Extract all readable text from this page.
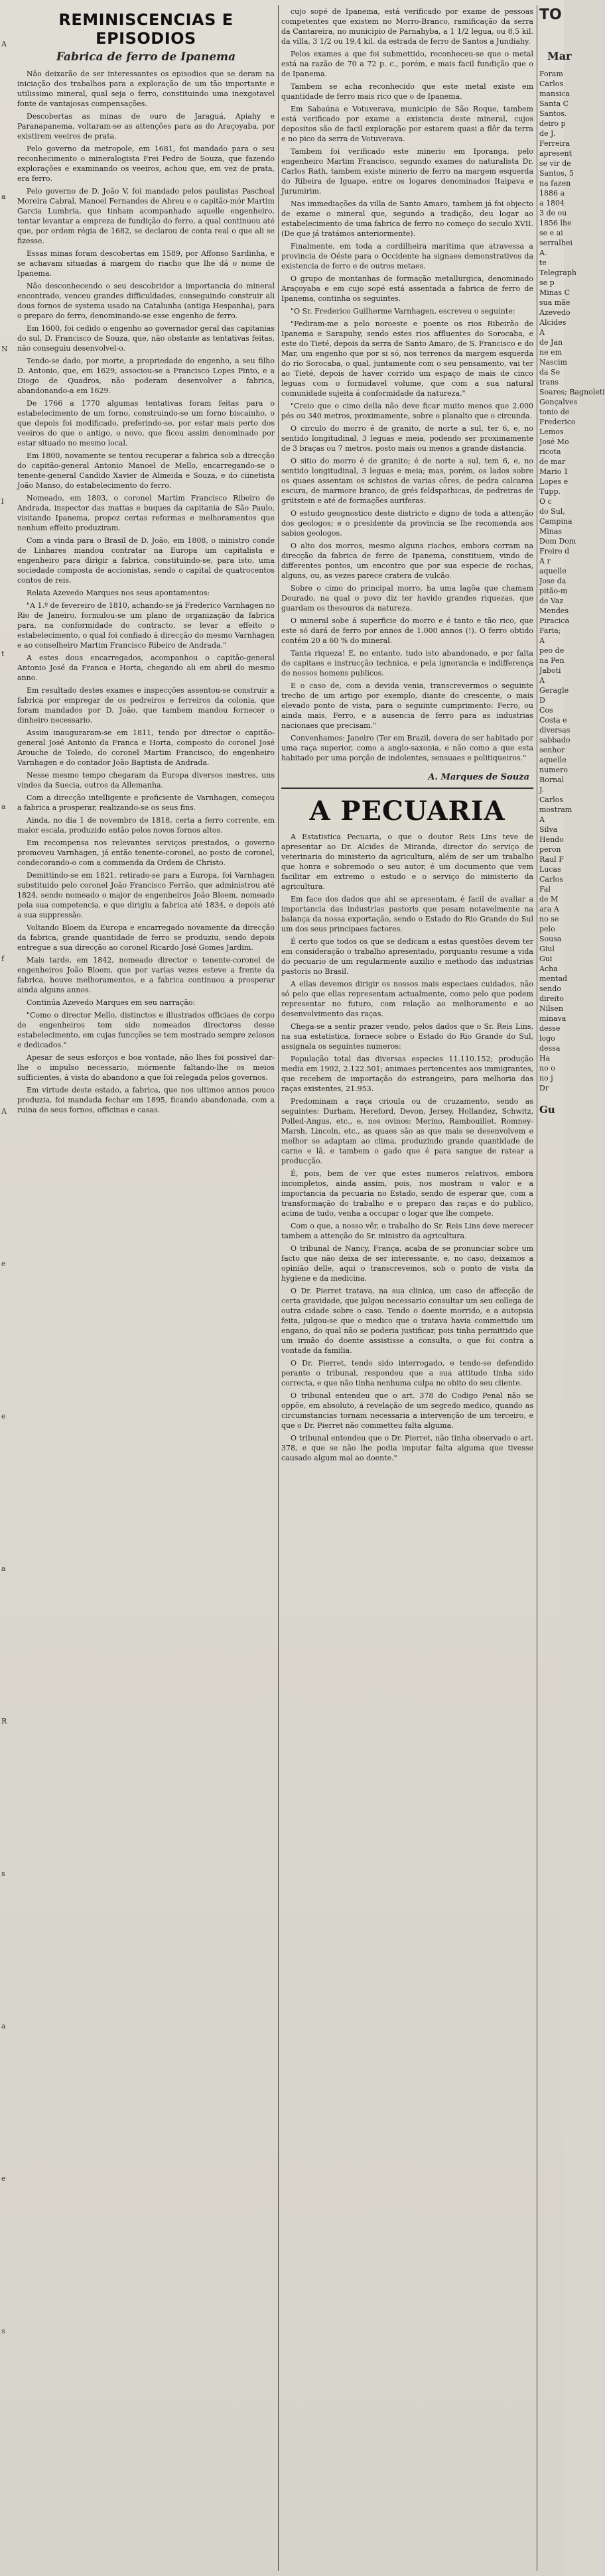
A
a
N
l
t
a
f
A
e
e
a
R
s
a
e
s
REMINISCENCIAS E EPISODIOS
Fabrica de ferro de Ipanema

Não deixarão de ser interessantes os episodios que se deram na iniciação dos trabalhos para a exploração de um tão importante e utilissimo mineral, qual seja o ferro, constituindo uma inexgotavel fonte de vantajosas compensações.

Descobertas as minas de ouro de Jaraguá, Apiahy e Paranapanema, voltaram-se as attenções para as do Araçoyaba, por existirem veeiros de prata.

Pelo governo da metropole, em 1681, foi mandado para o seu reconhecimento o mineralogista Frei Pedro de Souza, que fazendo explorações e examinando os veeiros, achou que, em vez de prata, era ferro.

Pelo governo de D. João V, foi mandado pelos paulistas Paschoal Moreira Cabral, Manoel Fernandes de Abreu e o capitão-mór Martim Garcia Lumbria, que tinham acompanhado aquelle engenheiro, tentar levantar a empreza de fundição do ferro, a qual continuou até que, por ordem régia de 1682, se declarou de conta real o que ali se fizesse.

Essas minas foram descobertas em 1589, por Affonso Sardinha, e se achavam situadas á margem do riacho que lhe dá o nome de Ipanema.

Não desconhecendo o seu descobridor a importancia do mineral encontrado, venceu grandes difficuldades, conseguindo construir ali dous fornos de systema usado na Catalunha (antiga Hespanha), para o preparo do ferro, denominando-se esse engenho de ferro.

Em 1600, foi cedido o engenho ao governador geral das capitanias do sul, D. Francisco de Souza, que, não obstante as tentativas feitas, não conseguiu desenvolvel-o.

Tendo-se dado, por morte, a propriedade do engenho, a seu filho D. Antonio, que, em 1629, associou-se a Francisco Lopes Pinto, e a Diogo de Quadros, não poderam desenvolver a fabrica, abandonando-a em 1629.

De 1766 a 1770 algumas tentativas foram feitas para o estabelecimento de um forno, construindo-se um forno biscainho, o que depois foi modificado, preferindo-se, por estar mais perto dos veeiros do que o antigo, o novo, que ficou assim denominado por estar situado no mesmo local.

Em 1800, novamente se tentou recuperar a fabrica sob a direcção do capitão-general Antonio Manoel de Mello, encarregando-se o tenente-general Candido Xavier de Almeida e Souza, e do ciinetista João Manso, do estabelecimento do ferro.

Nomeado, em 1803, o coronel Martim Francisco Ribeiro de Andrada, inspector das mattas e buques da capitania de São Paulo, visitando Ipanema, propoz certas reformas e melhoramentos que nenhum effeito produziram.

Com a vinda para o Brasil de D. João, em 1808, o ministro conde de Linhares mandou contratar na Europa um capitalista e engenheiro para dirigir a fabrica, constituindo-se, para isto, uma sociedade composta de accionistas, sendo o capital de quatrocentos contos de reis.

Relata Azevedo Marques nos seus apontamentos:

"A 1.º de fevereiro de 1810, achando-se já Frederico Varnhagen no Rio de Janeiro, formulou-se um plano de organização da fabrica para, na conformidade do contracto, se levar a effeito o estabelecimento, o qual foi confiado á direcção do mesmo Varnhagen e ao conselheiro Martim Francisco Ribeiro de Andrada."

A estes dous encarregados, acompanhou o capitão-general Antonio José da Franca e Horta, chegando ali em abril do mesmo anno.

Em resultado destes exames e inspecções assentou-se construir a fabrica por empregar de os pedreiros e ferreiros da colonia, que foram mandados por D. João, que tambem mandou fornecer o dinheiro necessario.

Assim inauguraram-se em 1811, tendo por director o capitão-general José Antonio da Franca e Horta, composto do coronel José Arouche de Toledo, do coronel Martim Francisco, do engenheiro Varnhagen e do contador João Baptista de Andrada.

Nesse mesmo tempo chegaram da Europa diversos mestres, uns vindos da Suecia, outros da Allemanha.

Com a direcção intelligente e proficiente de Varnhagen, começou a fabrica a prosperar, realizando-se os seus fins.

Ainda, no dia 1 de novembro de 1818, certa a ferro corrente, em maior escala, produzido então pelos novos fornos altos.

Em recompensa nos relevantes serviços prestados, o governo promoveu Varnhagen, já então tenente-coronel, ao posto de coronel, condecorando-o com a commenda da Ordem de Christo.

Demittindo-se em 1821, retirado-se para a Europa, foi Varnhagen substituido pelo coronel João Francisco Ferrão, que administrou até 1824, sendo nomeado o major de engenheiros João Bloem, nomeado pela sua competencia, e que dirigiu a fabrica até 1834, e depois até a sua suppressão.

Voltando Bloem da Europa e encarregado novamente da direcção da fabrica, grande quantidade de ferro se produziu, sendo depois entregue a sua direcção ao coronel Ricardo José Gomes Jardim.

Mais tarde, em 1842, nomeado director o tenente-coronel de engenheiros João Bloem, que por varias vezes esteve a frente da fabrica, houve melhoramentos, e a fabrica continuou a prosperar ainda alguns annos.

Continúa Azevedo Marques em seu narração:

"Como o director Mello, distinctos e illustrados officiaes de corpo de engenheiros tem sido nomeados directores desse estabelecimento, em cujas funcções se tem mostrado sempre zelosos e dedicados."

Apesar de seus esforços e boa vontade, não lhes foi possivel dar-lhe o impulso necessario, mórmente faltando-lhe os meios sufficientes, á vista do abandono a que foi relegada pelos governos.

Em virtude deste estado, a fabrica, que nos ultimos annos pouco produzia, foi mandada fechar em 1895, ficando abandonada, com a ruina de seus fornos, officinas e casas.

cujo sopé de Ipanema, está verificado por exame de pessoas competentes que existem no Morro-Branco, ramificação da serra da Cantareira, no municipio de Parnahyba, a 1 1/2 legua, ou 8,5 kil. da villa, 3 1/2 ou 19,4 kil. da estrada de ferro de Santos a Jundiahy.

Pelos exames a que foi submettido, reconheceu-se que o metal está na razão de 70 a 72 p. c., porém, e mais facil fundição que o de Ipanema.

Tambem se acha reconhecido que este metal existe em quantidade de ferro mais rico que o de Ipanema.

Em Sabaúna e Votuverava, municipio de São Roque, tambem está verificado por exame a existencia deste mineral, cujos depositos são de facil exploração por estarem quasi a flôr da terra e no pico da serra de Votuverava.

Tambem foi verificado este minerio em Iporanga, pelo engenheiro Martim Francisco, segundo exames do naturalista Dr. Carlos Rath, tambem existe minerio de ferro na margem esquerda do Ribeira de Iguape, entre os logares denominados Itaipava e Jurumirim.

Nas immediações da villa de Santo Amaro, tambem já foi objecto de exame o mineral que, segundo a tradição, deu logar ao estabelecimento de uma fabrica de ferro no começo do seculo XVII. (De que já tratámos anteriormente).

Finalmente, em toda a cordilheira marítima que atravessa a provincia de Oéste para o Occidente ha signaes demonstrativos da existencia de ferro e de outros metaes.

O grupo de montanhas de formação metallurgica, denominado Araçoyaba e em cujo sopé está assentada a fabrica de ferro de Ipanema, continha os seguintes.

"O Sr. Frederico Guilherme Varnhagen, escreveu o seguinte:

"Pediram-me a pelo noroeste e poente os rios Ribeirão de Ipanema e Sarapuhy, sendo estes rios affluentes do Sorocaba, e este do Tieté, depois da serra de Santo Amaro, de S. Francisco e do Mar, um engenho que por si só, nos terrenos da margem esquerda do rio Sorocaba, o qual, juntamente com o seu pensamento, vai ter ao Tieté, depois de haver corrido um espaço de mais de cinco leguas com o formidavel volume, que com a sua natural comunidade sujeita á conformidade da natureza."

"Creio que o cimo della não deve ficar muito menos que 2.000 pés ou 340 metros, proximamente, sobre o planalto que o circunda.

O circulo do morro é de granito, de norte a sul, ter 6, e, no sentido longitudinal, 3 leguas e meia, podendo ser proximamente de 3 braças ou 7 metros, posto mais ou menos a grande distancia.

O sitio do morro é de granito; é de norte a sul, tem 6, e, no sentido longitudinal, 3 leguas e meia; mas, porém, os lados sobre os quaes assentam os schistos de varias côres, de pedra calcarea escura, de marmore branco, de grés feldspathicas, de pedreiras de grütstein e até de formações auriferas.

O estudo geognostico deste districto e digno de toda a attenção dos geologos; e o presidente da provincia se lhe recomenda aos sabios geologos.

O alto dos morros, mesmo alguns riachos, embora corram na direcção da fabrica de ferro de Ipanema, constituem, vindo de differentes pontos, um encontro que por sua especie de rochas, alguns, ou, as vezes parece cratera de vulcão.

Sobre o cimo do principal morro, ha uma lagôa que chamam Dourado, na qual o povo diz ter havido grandes riquezas, que guardam os thesouros da natureza.

O mineral sobe á superficie do morro e é tanto e tão rico, que este só dará de ferro por annos de 1.000 annos (!). O ferro obtido contém 20 a 60 % do mineral.

Tanta riqueza! E, no entanto, tudo isto abandonado, e por falta de capitaes e instrucção technica, e pela ignorancia e indifferença de nossos homens publicos.

E o caso de, com a devida venia, transcrevermos o seguinte trecho de um artigo por exemplo, diante do crescente, o mais elevado ponto de vista, para o seguinte cumprimento: Ferro, ou ainda mais, Ferro, e a ausencia de ferro para as industrias nacionaes que precisam."

Convenhamos: Janeiro (Ter em Brazil, devera de ser habitado por uma raça superior, como a anglo-saxonia, e não como a que esta habitado por uma porção de indolentes, sensuaes e politiqueiros."

A. Marques de Souza
A PECUARIA

A Estatistica Pecuaria, o que o doutor Reis Lins teve de apresentar ao Dr. Alcides de Miranda, director do serviço de veterinaria do ministerio da agricultura, além de ser um trabalho que honra e sobremodo o seu autor, é um documento que vem facilitar em extremo o estudo e o serviço do ministerio da agricultura.

Em face dos dados que ahi se apresentam, é facil de avaliar a importancia das industrias pastoris que pesam notavelmente na balança da nossa exportação, sendo o Estado do Rio Grande do Sul um dos seus principaes factores.

É certo que todos os que se dedicam a estas questões devem ter em consideração o trabalho apresentado, porquanto resume a vida do pecuario de um regularmente auxilio e methodo das industrias pastoris no Brasil.

A ellas devemos dirigir os nossos mais especiaes cuidados, não só pelo que ellas representam actualmente, como pelo que podem representar no futuro, com relação ao melhoramento e ao desenvolvimento das raças.

Chega-se a sentir prazer vendo, pelos dados que o Sr. Reis Lins, na sua estatistica, fornece sobre o Estado do Rio Grande do Sul, assignala os seguintes numeros:

População total das diversas especies 11.110.152; produção media em 1902, 2.122.501; animaes pertencentes aos immigrantes, que recebem de importação do estrangeiro, para melhoria das raças existentes, 21.953.

Predominam a raça crioula ou de cruzamento, sendo as seguintes: Durham, Hereford, Devon, Jersey, Hollandez, Schwitz, Polled-Angus, etc., e, nos ovinos: Merino, Rambouillet, Romney-Marsh, Lincoln, etc., as quaes são as que mais se desenvolvem e melhor se adaptam ao clima, produzindo grande quantidade de carne e lã, e tambem o gado que é para sangue de ratear a producção.

É, pois, bem de ver que estes numeros relativos, embora incompletos, ainda assim, pois, nos mostram o valor e a importancia da pecuaria no Estado, sendo de esperar que, com a transformação do trabalho e o preparo das raças e do publico, acima de tudo, venha a occupar o logar que lhe compete.

Com o que, a nosso vêr, o trabalho do Sr. Reis Lins deve merecer tambem a attenção do Sr. ministro da agricultura.

O tribunal de Nancy, França, acaba de se pronunciar sobre um facto que não deixa de ser interessante, e, no caso, deixamos a opinião delle, aqui o transcrevemos, sob o ponto de vista da hygiene e da medicina.

O Dr. Pierret tratava, na sua clinica, um caso de affecção de certa gravidade, que julgou necessario consultar um seu collega de outra cidade sobre o caso. Tendo o doente morrido, e a autopsia feita, julgou-se que o medico que o tratava havia commettido um engano, do qual não se poderia justificar, pois tinha permittido que um irmão do doente assistisse a consulta, o que foi contra a vontade da familia.

O Dr. Pierret, tendo sido interrogado, e tendo-se defendido perante o tribunal, respondeu que a sua attitude tinha sido correcta, e que não tinha nenhuma culpa no obito do seu cliente.

O tribunal entendeu que o art. 378 do Codigo Penal não se oppõe, em absoluto, á revelação de um segredo medico, quando as circumstancias tornam necessaria a intervenção de um terceiro, e que o Dr. Pierret não commetteu falta alguma.

O tribunal entendeu que o Dr. Pierret, não tinha observado o art. 378, e que se não lhe podia imputar falta alguma que tivesse causado algum mal ao doente."

TO
Mar
Foram
Carlos
mansica
Santa C
Santos.
deiro p
de J.
Ferreira
apresent
se vir de
Santos, 5
na fazen
1886 a
a 1804
3 de ou
1856 lhe
se e ai
serralhei
A.
te
Telegraph
se p
Minas C
sua mãe
Azevedo
Alcides
A
de Jan
ne em
Nascim
da Se
trans
Soares; Bagnoleti
Gonçalves
tonio de
Frederico
Lemos
José Mo
ricota
de mar
Mario 1
Lopes e
Tupp.
O c
do Sul,
Campina
Minas
Dom Dom
Freire d
A r
aquelle
Jose da
pitão-m
de Vaz
Mendes
Piracica
Faria;
A
peo de
na Pen
Jaboti
A
Geragle
D
Cos
Costa e
diversas
sabbado
senhor
aquelle
numero
Bornal
J.
Carlos
mostram
A
Silva
Hendo
peron
Raul F
Lucas
Carlos
Fal
de M
ara A
no se
pelo
Sousa
Giul
Gui
Acha
mentad
sendo
direito
Nilsen
minava
desse
logo
dessa
Ha
no o
no j
Dr
Gu
